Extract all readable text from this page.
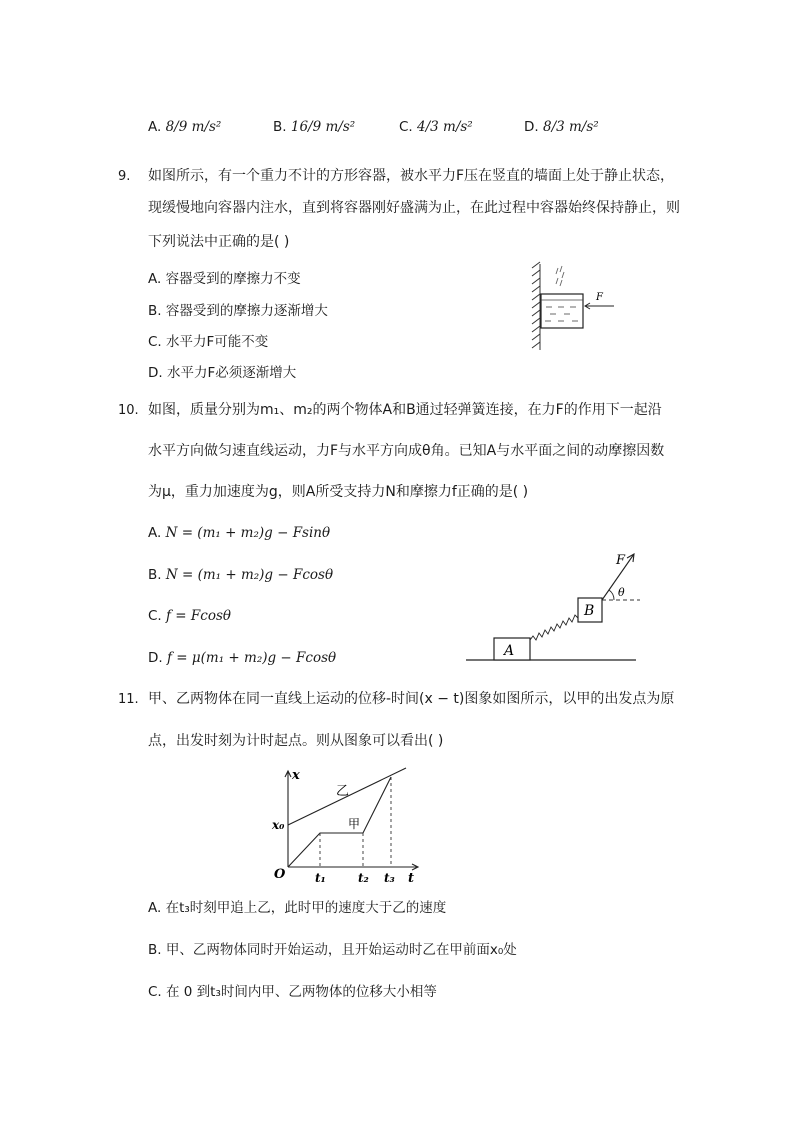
A. 8/9 m/s²	B. 16/9 m/s²	C. 4/3 m/s²	D. 8/3 m/s²
9. 如图所示，有一个重力不计的方形容器，被水平力F压在竖直的墙面上处于静止状态，
现缓慢地向容器内注水，直到将容器刚好盛满为止，在此过程中容器始终保持静止，则
下列说法中正确的是( )
A. 容器受到的摩擦力不变
B. 容器受到的摩擦力逐渐增大
C. 水平力F可能不变
D. 水平力F必须逐渐增大
F
10. 如图，质量分别为m₁、m₂的两个物体A和B通过轻弹簧连接，在力F的作用下一起沿
水平方向做匀速直线运动，力F与水平方向成θ角。已知A与水平面之间的动摩擦因数
为μ，重力加速度为g，则A所受支持力N和摩擦力f正确的是( )
A. N = (m₁ + m₂)g − Fsinθ
B. N = (m₁ + m₂)g − Fcosθ
C. f = Fcosθ
D. f = μ(m₁ + m₂)g − Fcosθ	A
B
F
θ
11. 甲、乙两物体在同一直线上运动的位移-时间(x − t)图象如图所示，以甲的出发点为原
点，出发时刻为计时起点。则从图象可以看出( )
x
t
O
x₀
乙
甲
t₁	t₂ t₃
A. 在t₃时刻甲追上乙，此时甲的速度大于乙的速度
B. 甲、乙两物体同时开始运动，且开始运动时乙在甲前面x₀处
C. 在 0 到t₃时间内甲、乙两物体的位移大小相等
